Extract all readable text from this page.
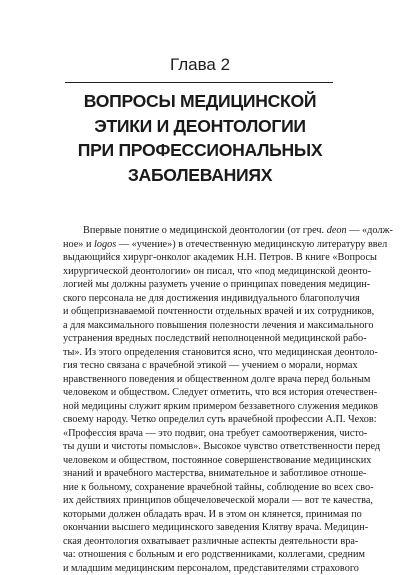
Глава 2
ВОПРОСЫ МЕДИЦИНСКОЙ
ЭТИКИ И ДЕОНТОЛОГИИ
ПРИ ПРОФЕССИОНАЛЬНЫХ
ЗАБОЛЕВАНИЯХ
Впервые понятие о медицинской деонтологии (от греч. deon — «долж-
ное» и logos — «учение») в отечественную медицинскую литературу ввел
выдающийся хирург-онколог академик Н.Н. Петров. В книге «Вопросы
хирургической деонтологии» он писал, что «под медицинской деонто-
логией мы должны разуметь учение о принципах поведения медицин-
ского персонала не для достижения индивидуального благополучия
и общепризнаваемой почтенности отдельных врачей и их сотрудников,
а для максимального повышения полезности лечения и максимального
устранения вредных последствий неполноценной медицинской рабо-
ты». Из этого определения становится ясно, что медицинская деонтоло-
гия тесно связана с врачебной этикой — учением о морали, нормах
нравственного поведения и общественном долге врача перед больным
человеком и обществом. Следует отметить, что вся история отечествен-
ной медицины служит ярким примером беззаветного служения медиков
своему народу. Четко определил суть врачебной профессии А.П. Чехов:
«Профессия врача — это подвиг, она требует самоотвержения, чисто-
ты души и чистоты помыслов». Высокое чувство ответственности перед
человеком и обществом, постоянное совершенствование медицинских
знаний и врачебного мастерства, внимательное и заботливое отноше-
ние к больному, сохранение врачебной тайны, соблюдение во всех сво-
их действиях принципов общечеловеческой морали — вот те качества,
которыми должен обладать врач. И в этом он клянется, принимая по
окончании высшего медицинского заведения Клятву врача. Медицин-
ская деонтология охватывает различные аспекты деятельности вра-
ча: отношения с больным и его родственниками, коллегами, средним
и младшим медицинским персоналом, представителями страхового
